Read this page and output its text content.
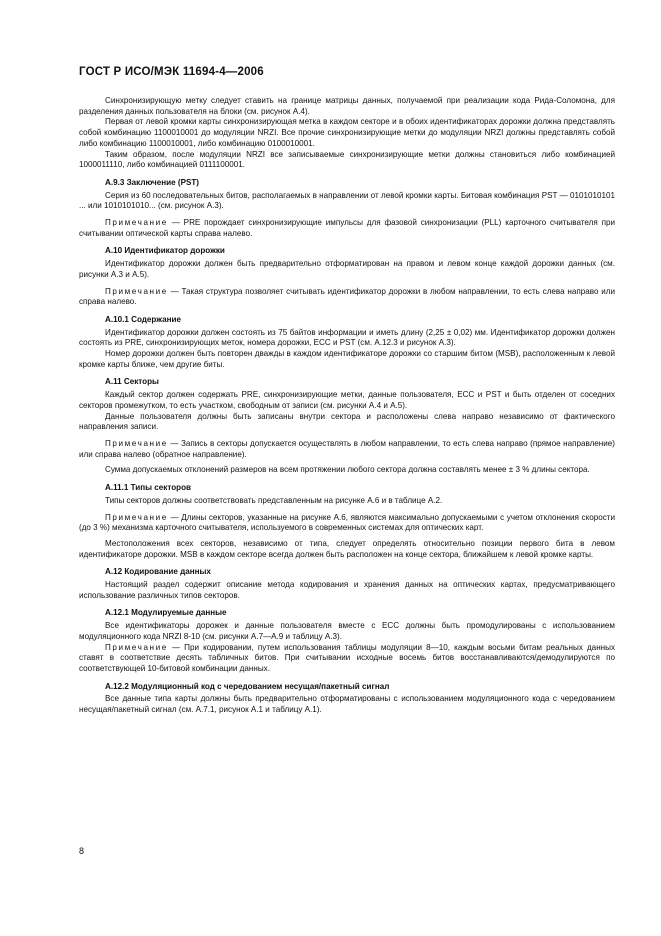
ГОСТ Р ИСО/МЭК 11694-4—2006
Синхронизирующую метку следует ставить на границе матрицы данных, получаемой при реализации кода Рида-Соломона, для разделения данных пользователя на блоки (см. рисунок А.4).
Первая от левой кромки карты синхронизирующая метка в каждом секторе и в обоих идентификаторах дорожки должна представлять собой комбинацию 1100010001 до модуляции NRZI. Все прочие синхронизирующие метки до модуляции NRZI должны представлять собой либо комбинацию 1100010001, либо комбинацию 0100010001.
Таким образом, после модуляции NRZI все записываемые синхронизирующие метки должны становиться либо комбинацией 1000011110, либо комбинацией 0111100001.
А.9.3 Заключение (PST)
Серия из 60 последовательных битов, располагаемых в направлении от левой кромки карты. Битовая комбинация PST — 0101010101 ... или 1010101010... (см. рисунок А.3).
Примечание — PRE порождает синхронизирующие импульсы для фазовой синхронизации (PLL) карточного считывателя при считывании оптической карты справа налево.
А.10 Идентификатор дорожки
Идентификатор дорожки должен быть предварительно отформатирован на правом и левом конце каждой дорожки данных (см. рисунки А.3 и А.5).
Примечание — Такая структура позволяет считывать идентификатор дорожки в любом направлении, то есть слева направо или справа налево.
А.10.1 Содержание
Идентификатор дорожки должен состоять из 75 байтов информации и иметь длину (2,25 ± 0,02) мм. Идентификатор дорожки должен состоять из PRE, синхронизирующих меток, номера дорожки, ECC и PST (см. А.12.3 и рисунок А.3).
Номер дорожки должен быть повторен дважды в каждом идентификаторе дорожки со старшим битом (MSB), расположенным к левой кромке карты ближе, чем другие биты.
А.11 Секторы
Каждый сектор должен содержать PRE, синхронизирующие метки, данные пользователя, ECC и PST и быть отделен от соседних секторов промежутком, то есть участком, свободным от записи (см. рисунки А.4 и А.5).
Данные пользователя должны быть записаны внутри сектора и расположены слева направо независимо от фактического направления записи.
Примечание — Запись в секторы допускается осуществлять в любом направлении, то есть слева направо (прямое направление) или справа налево (обратное направление).
Сумма допускаемых отклонений размеров на всем протяжении любого сектора должна составлять менее ± 3 % длины сектора.
А.11.1 Типы секторов
Типы секторов должны соответствовать представленным на рисунке А.6 и в таблице А.2.
Примечание — Длины секторов, указанные на рисунке А.6, являются максимально допускаемыми с учетом отклонения скорости (до 3 %) механизма карточного считывателя, используемого в современных системах для оптических карт.
Местоположения всех секторов, независимо от типа, следует определять относительно позиции первого бита в левом идентификаторе дорожки. MSB в каждом секторе всегда должен быть расположен на конце сектора, ближайшем к левой кромке карты.
А.12 Кодирование данных
Настоящий раздел содержит описание метода кодирования и хранения данных на оптических картах, предусматривающего использование различных типов секторов.
А.12.1 Модулируемые данные
Все идентификаторы дорожек и данные пользователя вместе с ECC должны быть промодулированы с использованием модуляционного кода NRZI 8-10 (см. рисунки А.7—А.9 и таблицу А.3).
Примечание — При кодировании, путем использования таблицы модуляции 8—10, каждым восьми битам реальных данных ставят в соответствие десять табличных битов. При считывании исходные восемь битов восстанавливаются/демодулируются по соответствующей 10-битовой комбинации данных.
А.12.2 Модуляционный код с чередованием несущая/пакетный сигнал
Все данные типа карты должны быть предварительно отформатированы с использованием модуляционного кода с чередованием несущая/пакетный сигнал (см. А.7.1, рисунок А.1 и таблицу А.1).
8
